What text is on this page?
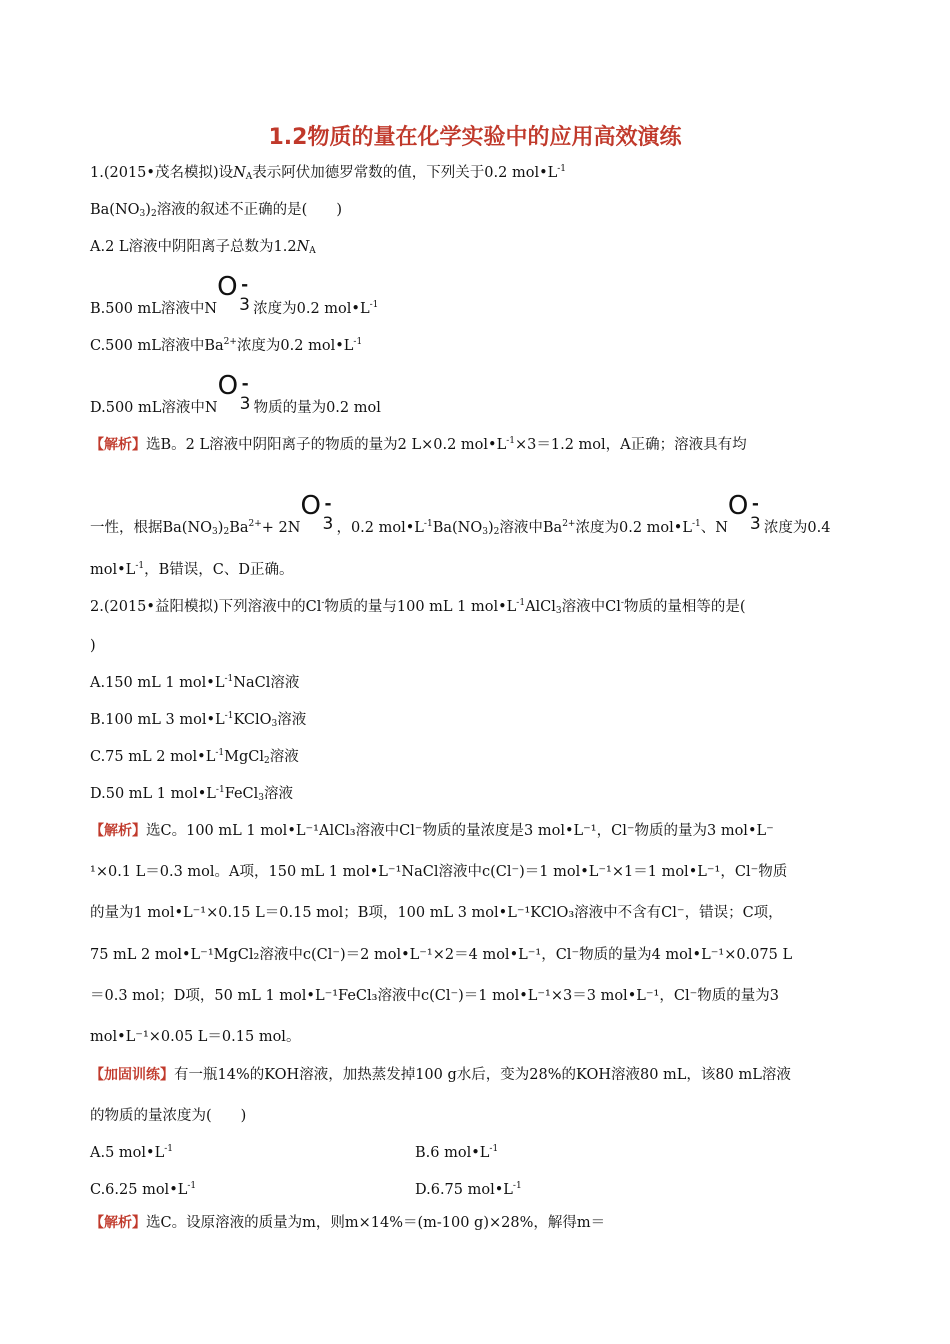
1.2物质的量在化学实验中的应用高效演练
1.(2015•茂名模拟)设$N_A$表示阿伏加德罗常数的值，下列关于0.2 $mol•L^{-1}$
$Ba(NO_3)_2$溶液的叙述不正确的是(　　)
A.2 L溶液中阴阳离子总数为$1.2N_A$
B.500 mL溶液中N
O -
3 浓度为0.2 $mol•L^{-1}$
C.500 mL溶液中$Ba^{2+}$浓度为0.2 $mol•L^{-1}$
D.500 mL溶液中N
O -
3 物质的量为0.2 mol
【解析】选B。2 L溶液中阴阳离子的物质的量为2 L×0.2 $mol•L^{-1}\times 3=1.2$ mol，A正确；溶液具有均
一性，根据$Ba(NO_3)_2Ba^{2+}+ 2N$
O -
3 ，0.2 $mol•L^{-1}Ba(NO_3)_2$溶液中$Ba^{2+}$浓度为0.2 $mol•L^{-1}$、N
O -
3 浓度为0.4
$mol•L^{-1}$，B错误，C、D正确。
2.(2015•益阳模拟)下列溶液中的Cl-物质的量与100 mL 1 $mol•L^{-1}AlCl_3$溶液中Cl-物质的量相等的是(
)
A.150 mL 1 $mol•L^{-1}NaCl$溶液
B.100 mL 3 $mol•L^{-1}KClO_3$溶液
C.75 mL 2 $mol•L^{-1}MgCl_2$溶液
D.50 mL 1 $mol•L^{-1}FeCl_3$溶液
【解析】选C。100 mL 1 mol•L⁻¹AlCl₃溶液中Cl⁻物质的量浓度是3 mol•L⁻¹，Cl⁻物质的量为3 mol•L⁻
¹×0.1 L＝0.3 mol。A项，150 mL 1 mol•L⁻¹NaCl溶液中c(Cl⁻)＝1 mol•L⁻¹×1＝1 mol•L⁻¹，Cl⁻物质
的量为1 mol•L⁻¹×0.15 L＝0.15 mol；B项，100 mL 3 mol•L⁻¹KClO₃溶液中不含有Cl⁻，错误；C项，
75 mL 2 mol•L⁻¹MgCl₂溶液中c(Cl⁻)＝2 mol•L⁻¹×2＝4 mol•L⁻¹，Cl⁻物质的量为4 mol•L⁻¹×0.075 L
＝0.3 mol；D项，50 mL 1 mol•L⁻¹FeCl₃溶液中c(Cl⁻)＝1 mol•L⁻¹×3＝3 mol•L⁻¹，Cl⁻物质的量为3
mol•L⁻¹×0.05 L＝0.15 mol。
【加固训练】有一瓶14%的KOH溶液，加热蒸发掉100 g水后，变为28%的KOH溶液80 mL，该80 mL溶液
的物质的量浓度为(　　)
A.5 $mol•L^{-1}$	B.6 $mol•L^{-1}$
C.6.25 $mol•L^{-1}$	D.6.75 $mol•L^{-1}$
【解析】选C。设原溶液的质量为m，则m×14%＝(m-100 g)×28%，解得m＝
